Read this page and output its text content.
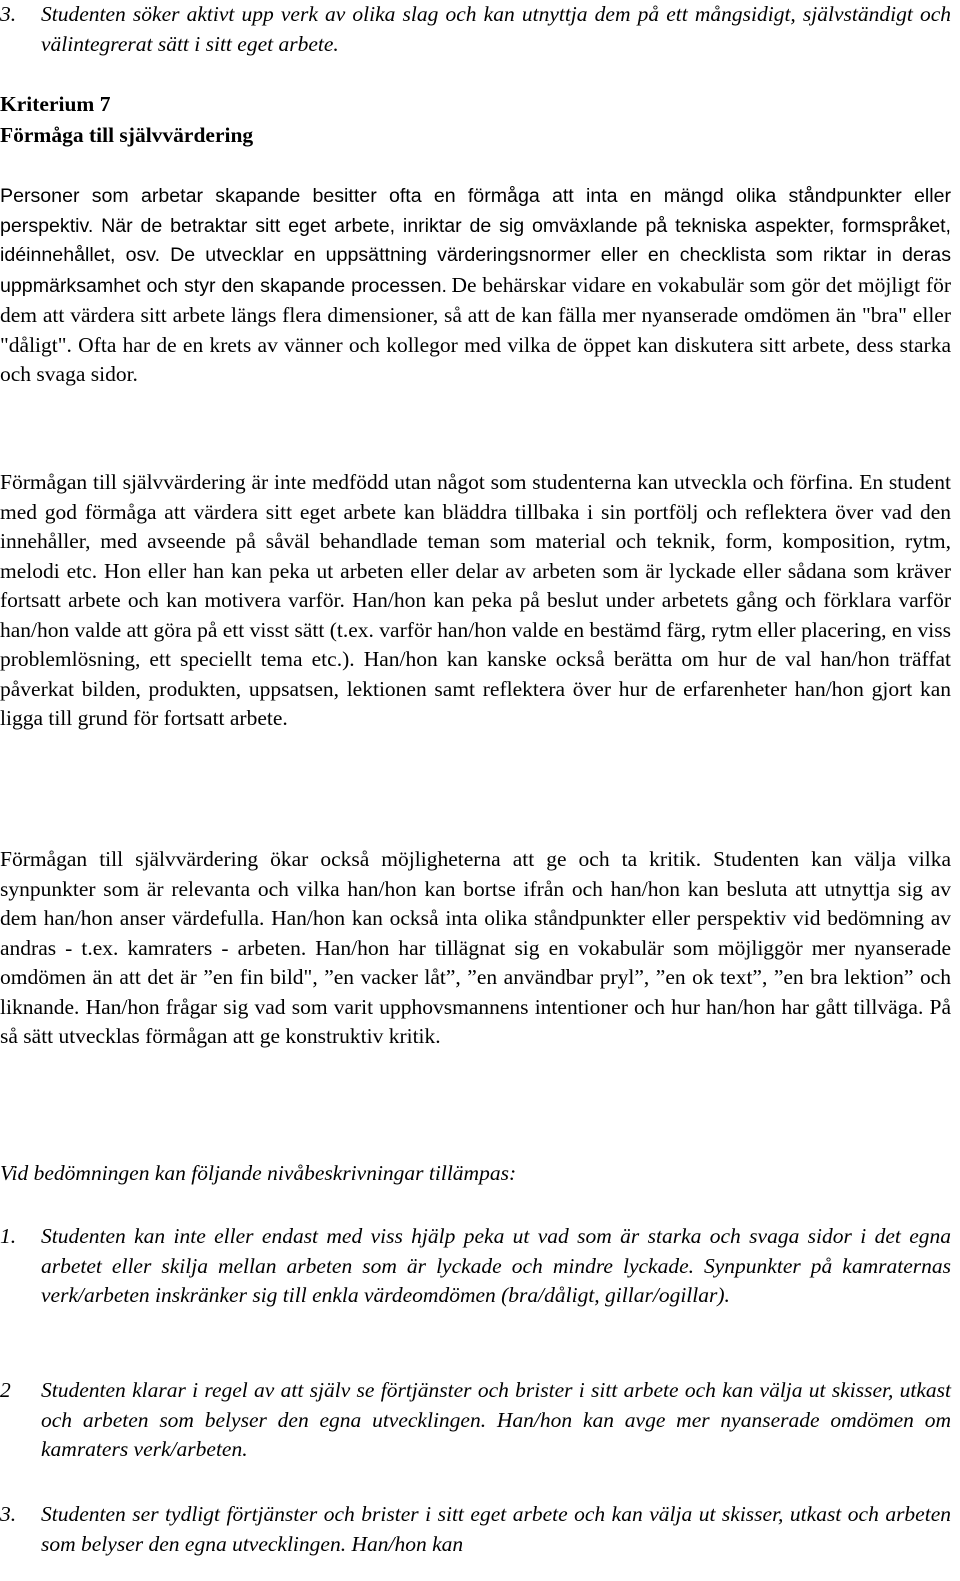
3. Studenten söker aktivt upp verk av olika slag och kan utnyttja dem på ett mångsidigt, självständigt och välintegrerat sätt i sitt eget arbete.

Kriterium 7
Förmåga till självvärdering

Personer som arbetar skapande besitter ofta en förmåga att inta en mängd olika ståndpunkter eller perspektiv. När de betraktar sitt eget arbete, inriktar de sig omväxlande på tekniska aspekter, formspråket, idéinnehållet, osv. De utvecklar en uppsättning värderingsnormer eller en checklista som riktar in deras uppmärksamhet och styr den skapande processen. De behärskar vidare en vokabulär som gör det möjligt för dem att värdera sitt arbete längs flera dimensioner, så att de kan fälla mer nyanserade omdömen än "bra" eller "dåligt". Ofta har de en krets av vänner och kollegor med vilka de öppet kan diskutera sitt arbete, dess starka och svaga sidor.

Förmågan till självvärdering är inte medfödd utan något som studenterna kan utveckla och förfina. En student med god förmåga att värdera sitt eget arbete kan bläddra tillbaka i sin portfölj och reflektera över vad den innehåller, med avseende på såväl behandlade teman som material och teknik, form, komposition, rytm, melodi etc. Hon eller han kan peka ut arbeten eller delar av arbeten som är lyckade eller sådana som kräver fortsatt arbete och kan motivera varför. Han/hon kan peka på beslut under arbetets gång och förklara varför han/hon valde att göra på ett visst sätt (t.ex. varför han/hon valde en bestämd färg, rytm eller placering, en viss problemlösning, ett speciellt tema etc.). Han/hon kan kanske också berätta om hur de val han/hon träffat påverkat bilden, produkten, uppsatsen, lektionen samt reflektera över hur de erfarenheter han/hon gjort kan ligga till grund för fortsatt arbete.

Förmågan till självvärdering ökar också möjligheterna att ge och ta kritik. Studenten kan välja vilka synpunkter som är relevanta och vilka han/hon kan bortse ifrån och han/hon kan besluta att utnyttja sig av dem han/hon anser värdefulla. Han/hon kan också inta olika ståndpunkter eller perspektiv vid bedömning av andras - t.ex. kamraters - arbeten. Han/hon har tillägnat sig en vokabulär som möjliggör mer nyanserade omdömen än att det är ”en fin bild", ”en vacker låt”, ”en användbar pryl”, ”en ok text”, ”en bra lektion” och liknande. Han/hon frågar sig vad som varit upphovsmannens intentioner och hur han/hon har gått tillväga. På så sätt utvecklas förmågan att ge konstruktiv kritik.

Vid bedömningen kan följande nivåbeskrivningar tillämpas:

1. Studenten kan inte eller endast med viss hjälp peka ut vad som är starka och svaga sidor i det egna arbetet eller skilja mellan arbeten som är lyckade och mindre lyckade. Synpunkter på kamraternas verk/arbeten inskränker sig till enkla värdeomdömen (bra/dåligt, gillar/ogillar).

2 Studenten klarar i regel av att själv se förtjänster och brister i sitt arbete och kan välja ut skisser, utkast och arbeten som belyser den egna utvecklingen. Han/hon kan avge mer nyanserade omdömen om kamraters verk/arbeten.

3. Studenten ser tydligt förtjänster och brister i sitt eget arbete och kan välja ut skisser, utkast och arbeten som belyser den egna utvecklingen. Han/hon kan
